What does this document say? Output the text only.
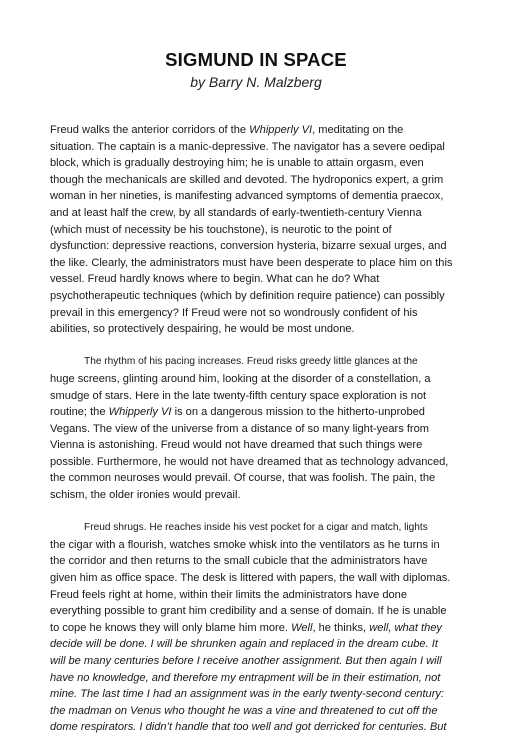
SIGMUND IN SPACE
by Barry N. Malzberg
Freud walks the anterior corridors of the Whipperly VI, meditating on the
situation. The captain is a manic-depressive. The navigator has a severe oedipal
block, which is gradually destroying him; he is unable to attain orgasm, even
though the mechanicals are skilled and devoted. The hydroponics expert, a grim
woman in her nineties, is manifesting advanced symptoms of dementia praecox,
and at least half the crew, by all standards of early-twentieth-century Vienna
(which must of necessity be his touchstone), is neurotic to the point of
dysfunction: depressive reactions, conversion hysteria, bizarre sexual urges, and
the like. Clearly, the administrators must have been desperate to place him on this
vessel. Freud hardly knows where to begin. What can he do? What
psychotherapeutic techniques (which by definition require patience) can possibly
prevail in this emergency? If Freud were not so wondrously confident of his
abilities, so protectively despairing, he would be most undone.
The rhythm of his pacing increases. Freud risks greedy little glances at the
huge screens, glinting around him, looking at the disorder of a constellation, a
smudge of stars. Here in the late twenty-fifth century space exploration is not
routine; the Whipperly VI is on a dangerous mission to the hitherto-unprobed
Vegans. The view of the universe from a distance of so many light-years from
Vienna is astonishing. Freud would not have dreamed that such things were
possible. Furthermore, he would not have dreamed that as technology advanced,
the common neuroses would prevail. Of course, that was foolish. The pain, the
schism, the older ironies would prevail.
Freud shrugs. He reaches inside his vest pocket for a cigar and match, lights
the cigar with a flourish, watches smoke whisk into the ventilators as he turns in
the corridor and then returns to the small cubicle that the administrators have
given him as office space. The desk is littered with papers, the wall with diplomas.
Freud feels right at home, within their limits the administrators have done
everything possible to grant him credibility and a sense of domain. If he is unable
to cope he knows they will only blame him more. Well, he thinks, well, what they
decide will be done. I will be shrunken again and replaced in the dream cube. It
will be many centuries before I receive another assignment. But then again I will
have no knowledge, and therefore my entrapment will be in their estimation, not
mine. The last time I had an assignment was in the early twenty-second century:
the madman on Venus who thought he was a vine and threatened to cut off the
dome respirators. I didn’t handle that too well and got derricked for centuries. But
